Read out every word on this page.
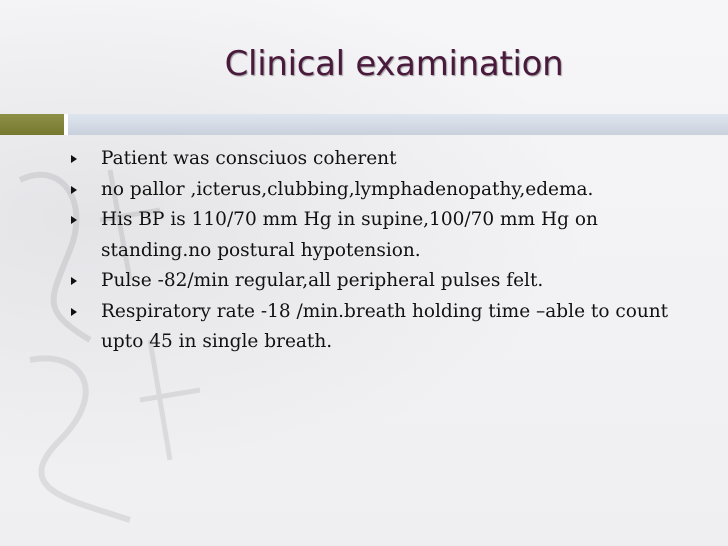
Clinical examination
Patient was consciuos coherent
no pallor ,icterus,clubbing,lymphadenopathy,edema.
His BP is 110/70 mm Hg in supine,100/70 mm Hg on standing.no postural hypotension.
Pulse -82/min regular,all peripheral pulses felt.
Respiratory rate -18 /min.breath holding time –able to count upto 45 in single breath.
